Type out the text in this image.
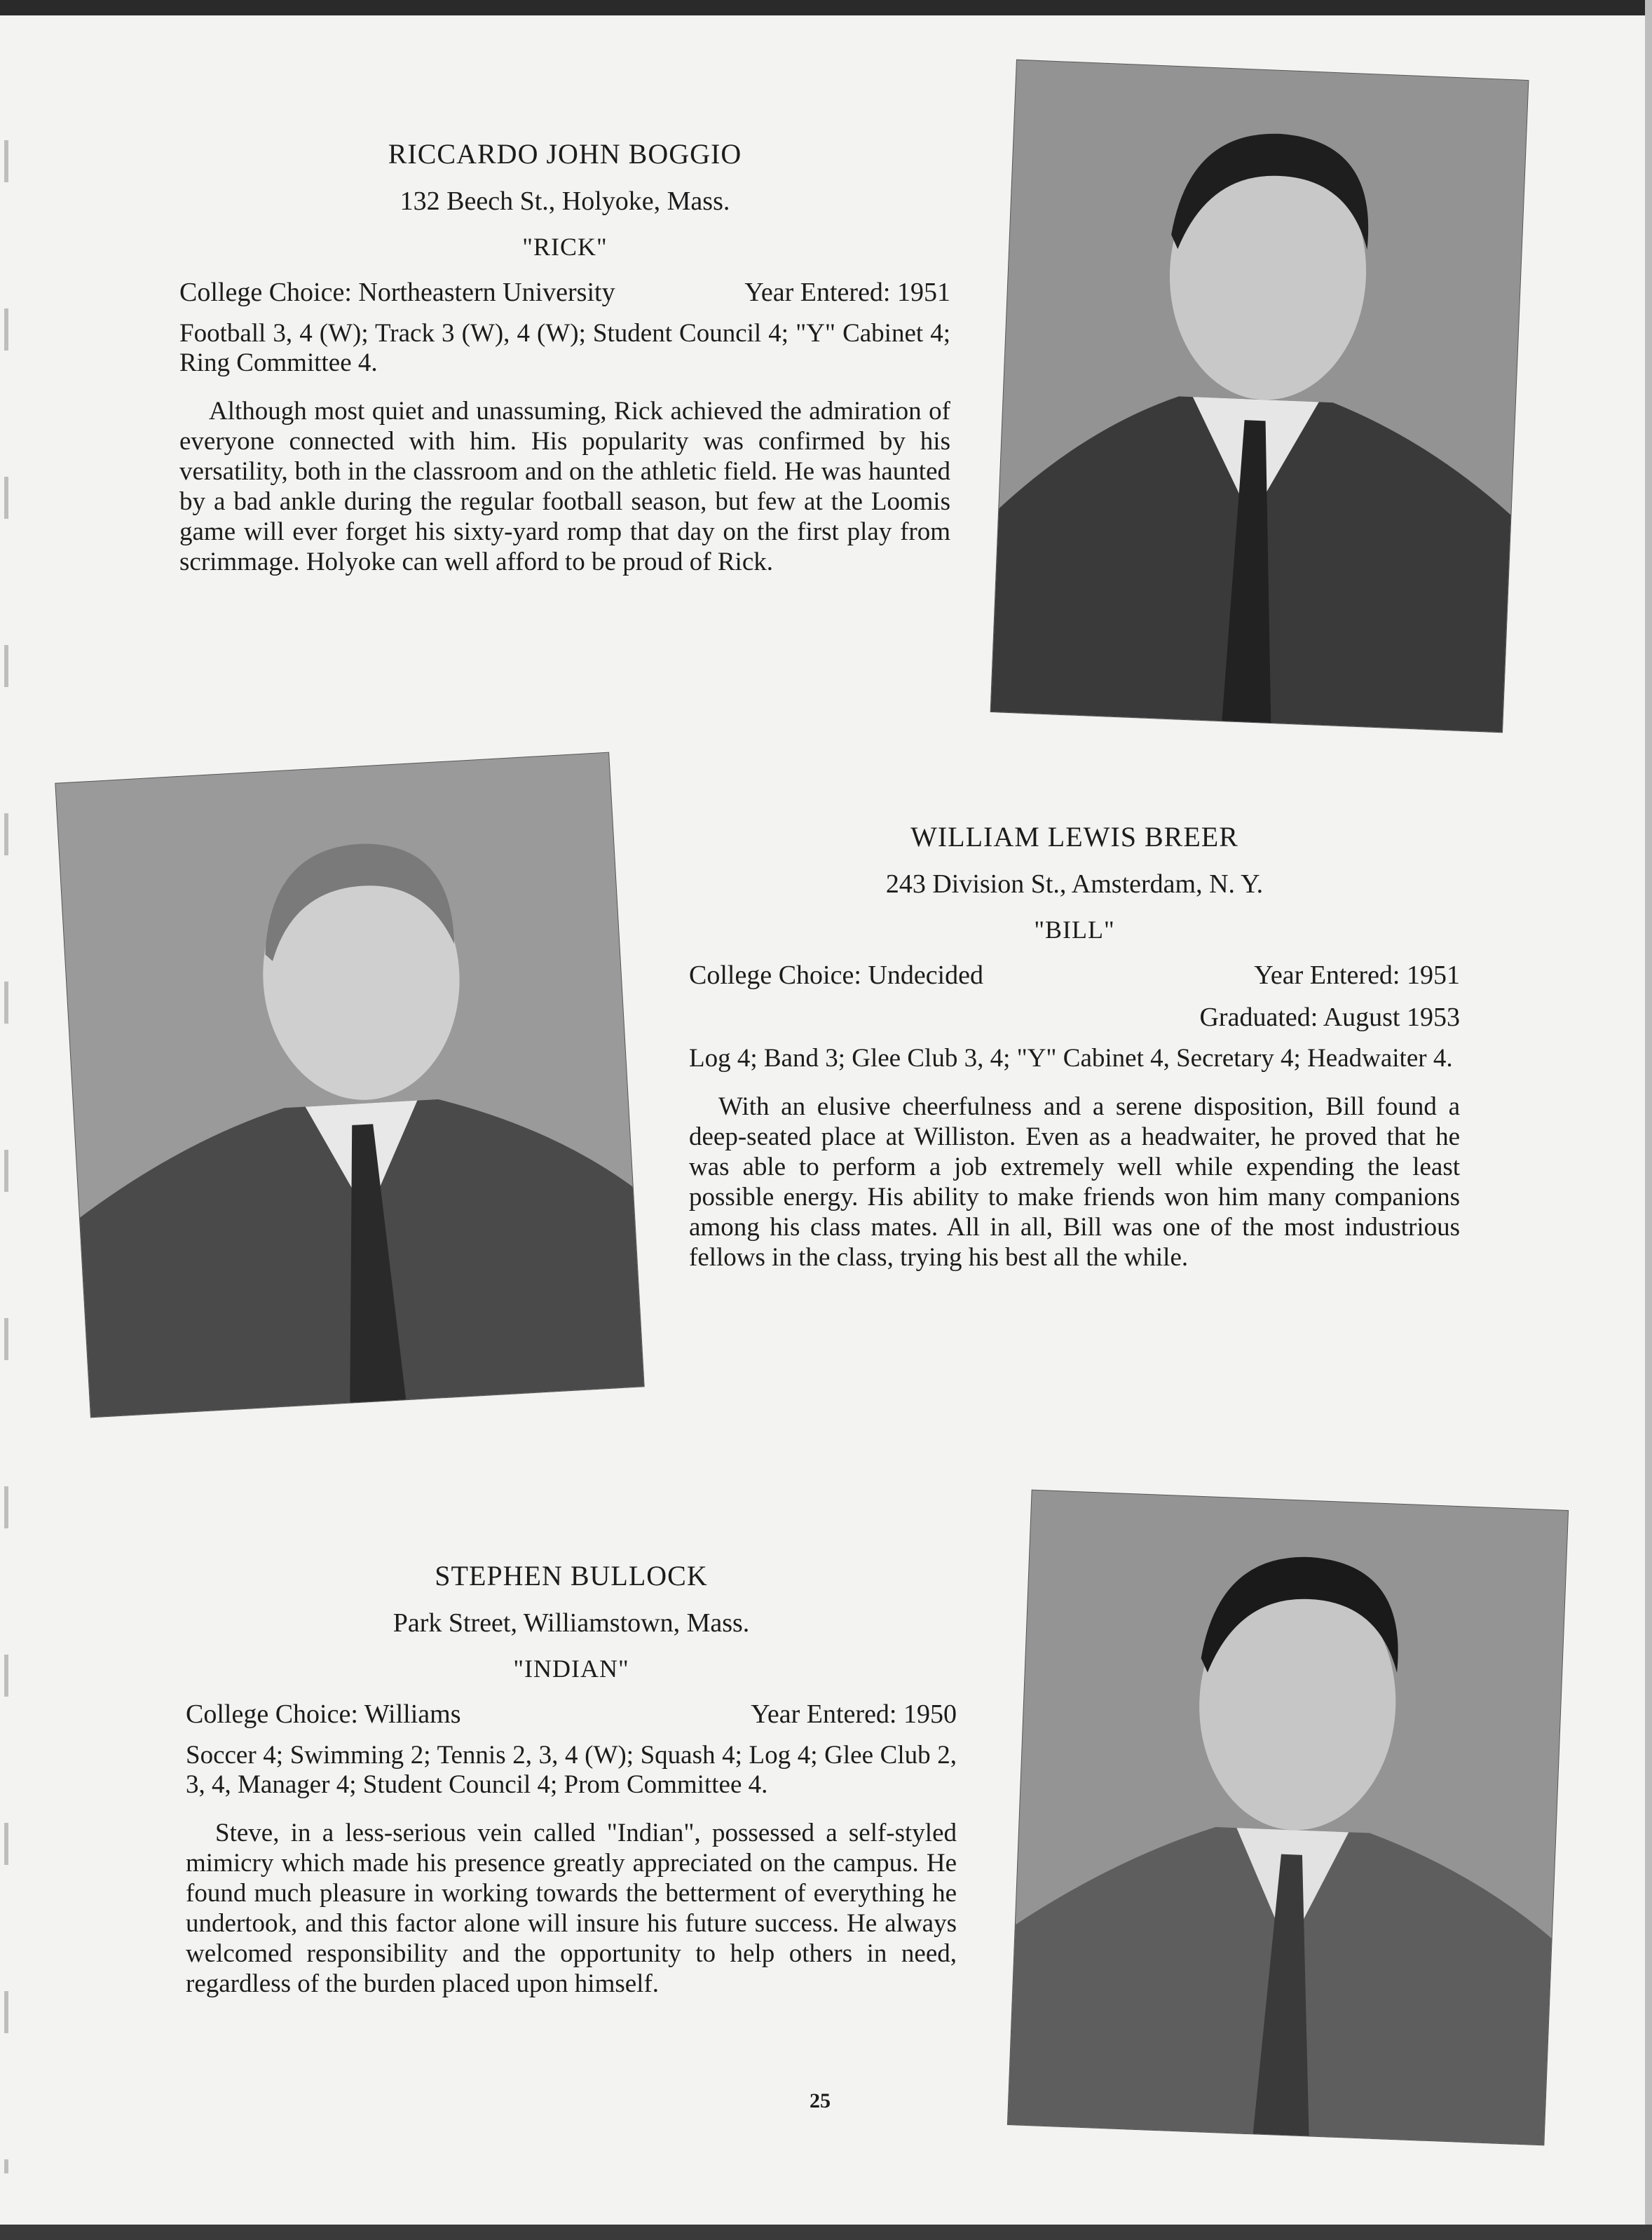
RICCARDO JOHN BOGGIO
132 Beech St., Holyoke, Mass.
"RICK"
College Choice: Northeastern University	Year Entered: 1951
Football 3, 4 (W); Track 3 (W), 4 (W); Student Council 4; "Y" Cabinet 4; Ring Committee 4.

Although most quiet and unassuming, Rick achieved the admiration of everyone connected with him. His popularity was confirmed by his versatility, both in the classroom and on the athletic field. He was haunted by a bad ankle during the regular football season, but few at the Loomis game will ever forget his sixty-yard romp that day on the first play from scrimmage. Holyoke can well afford to be proud of Rick.

WILLIAM LEWIS BREER
243 Division St., Amsterdam, N. Y.
"BILL"
College Choice: Undecided	Year Entered: 1951
Graduated: August 1953
Log 4; Band 3; Glee Club 3, 4; "Y" Cabinet 4, Secretary 4; Headwaiter 4.

With an elusive cheerfulness and a serene disposition, Bill found a deep-seated place at Williston. Even as a headwaiter, he proved that he was able to perform a job extremely well while expending the least possible energy. His ability to make friends won him many companions among his class mates. All in all, Bill was one of the most industrious fellows in the class, trying his best all the while.

STEPHEN BULLOCK
Park Street, Williamstown, Mass.
"INDIAN"
College Choice: Williams	Year Entered: 1950
Soccer 4; Swimming 2; Tennis 2, 3, 4 (W); Squash 4; Log 4; Glee Club 2, 3, 4, Manager 4; Student Council 4; Prom Committee 4.

Steve, in a less-serious vein called "Indian", possessed a self-styled mimicry which made his presence greatly appreciated on the campus. He found much pleasure in working towards the betterment of everything he undertook, and this factor alone will insure his future success. He always welcomed responsibility and the opportunity to help others in need, regardless of the burden placed upon himself.

25
